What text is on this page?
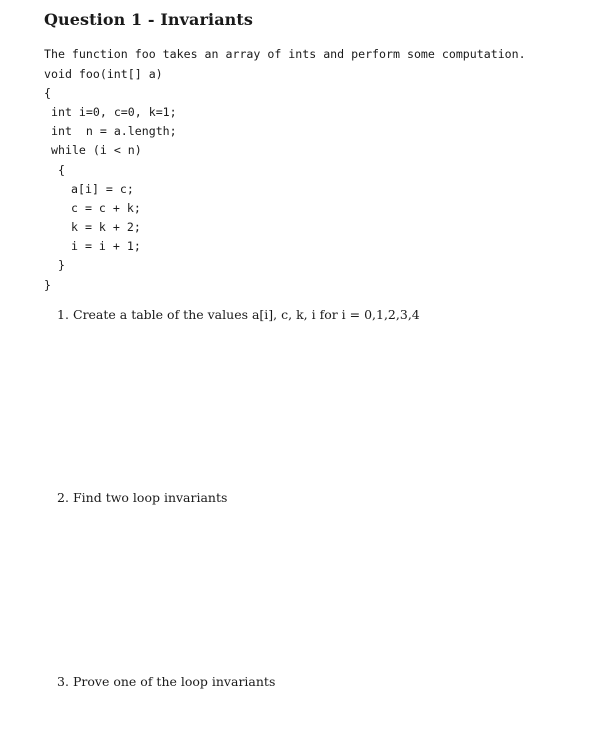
Question 1 - Invariants
The function foo takes an array of ints and perform some computation.
void foo(int[] a)
{
int i=0, c=0, k=1;
int  n = a.length;
while (i < n)
{
a[i] = c;
c = c + k;
k = k + 2;
i = i + 1;
}
}
1. Create a table of the values a[i], c, k, i for i = 0,1,2,3,4
2. Find two loop invariants
3. Prove one of the loop invariants
